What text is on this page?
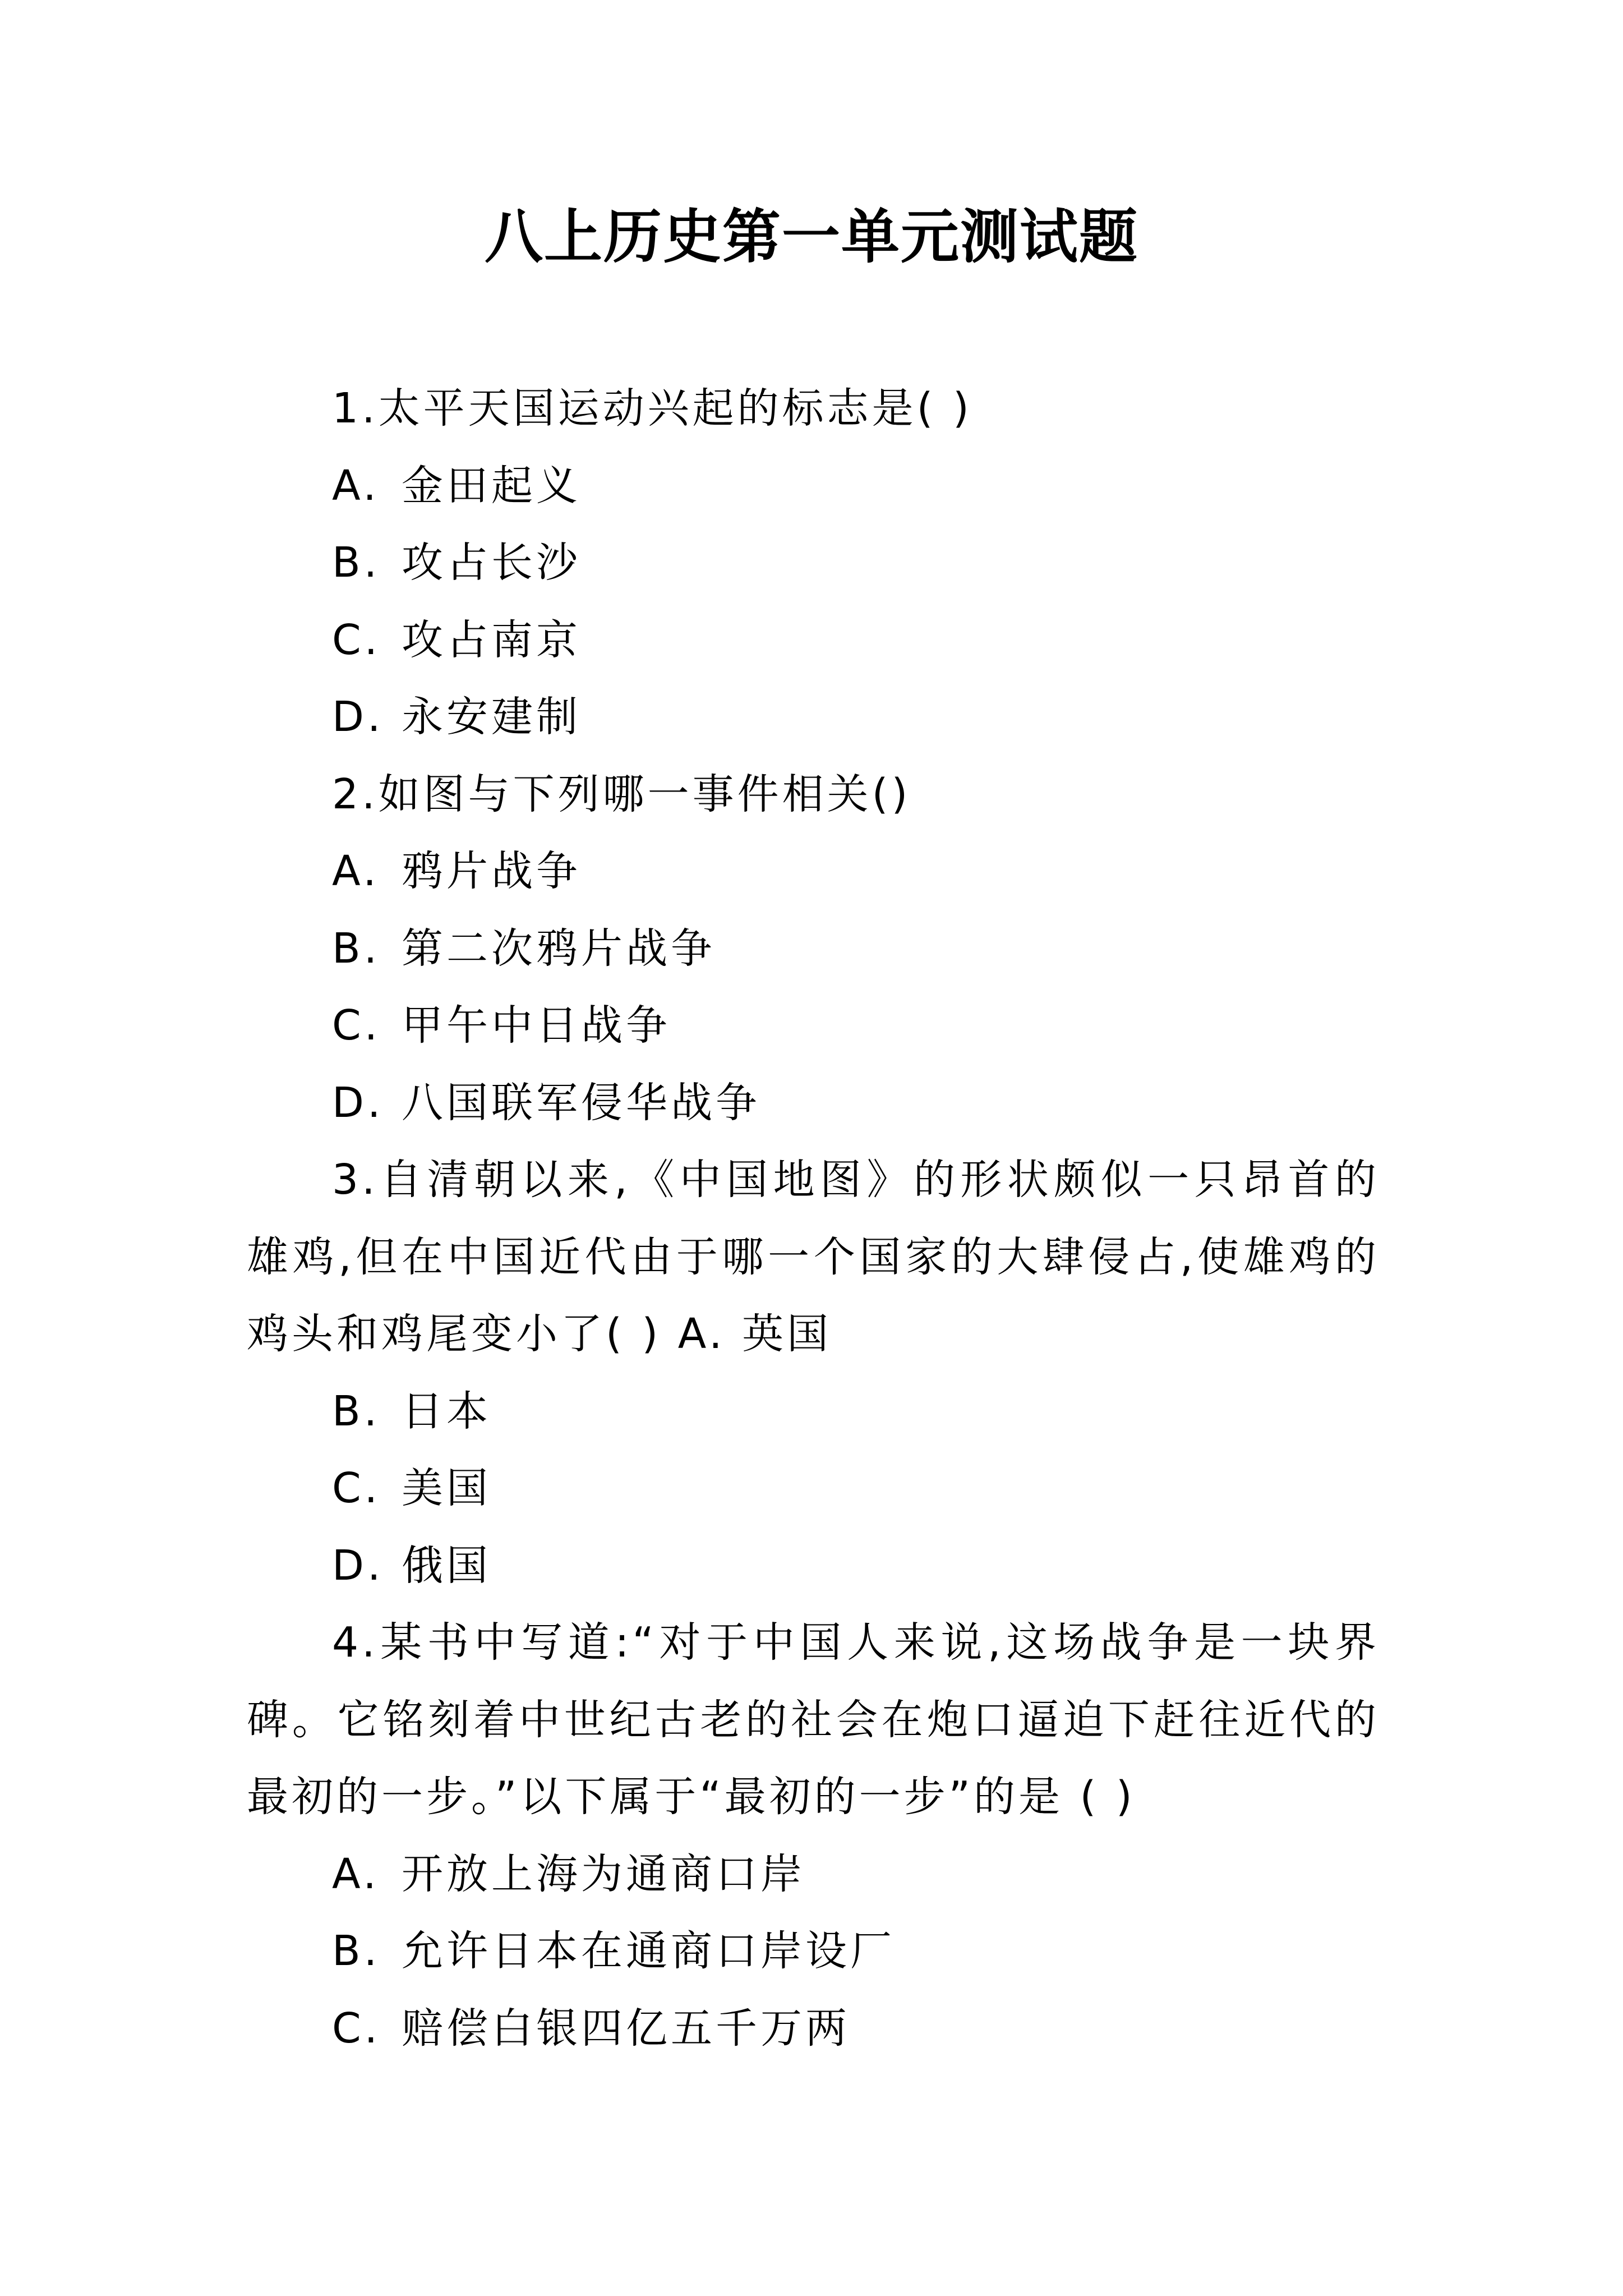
八上历史第一单元测试题
1.太平天国运动兴起的标志是( )
A. 金田起义
B. 攻占长沙
C. 攻占南京
D. 永安建制
2.如图与下列哪一事件相关()
A. 鸦片战争
B. 第二次鸦片战争
C. 甲午中日战争
D. 八国联军侵华战争
3.自清朝以来,《中国地图》的形状颇似一只昂首的雄鸡,但在中国近代由于哪一个国家的大肆侵占,使雄鸡的鸡头和鸡尾变小了( ) A. 英国
B. 日本
C. 美国
D. 俄国
4.某书中写道:“对于中国人来说,这场战争是一块界碑。它铭刻着中世纪古老的社会在炮口逼迫下赶往近代的最初的一步。”以下属于“最初的一步”的是 ( )
A. 开放上海为通商口岸
B. 允许日本在通商口岸设厂
C. 赔偿白银四亿五千万两
